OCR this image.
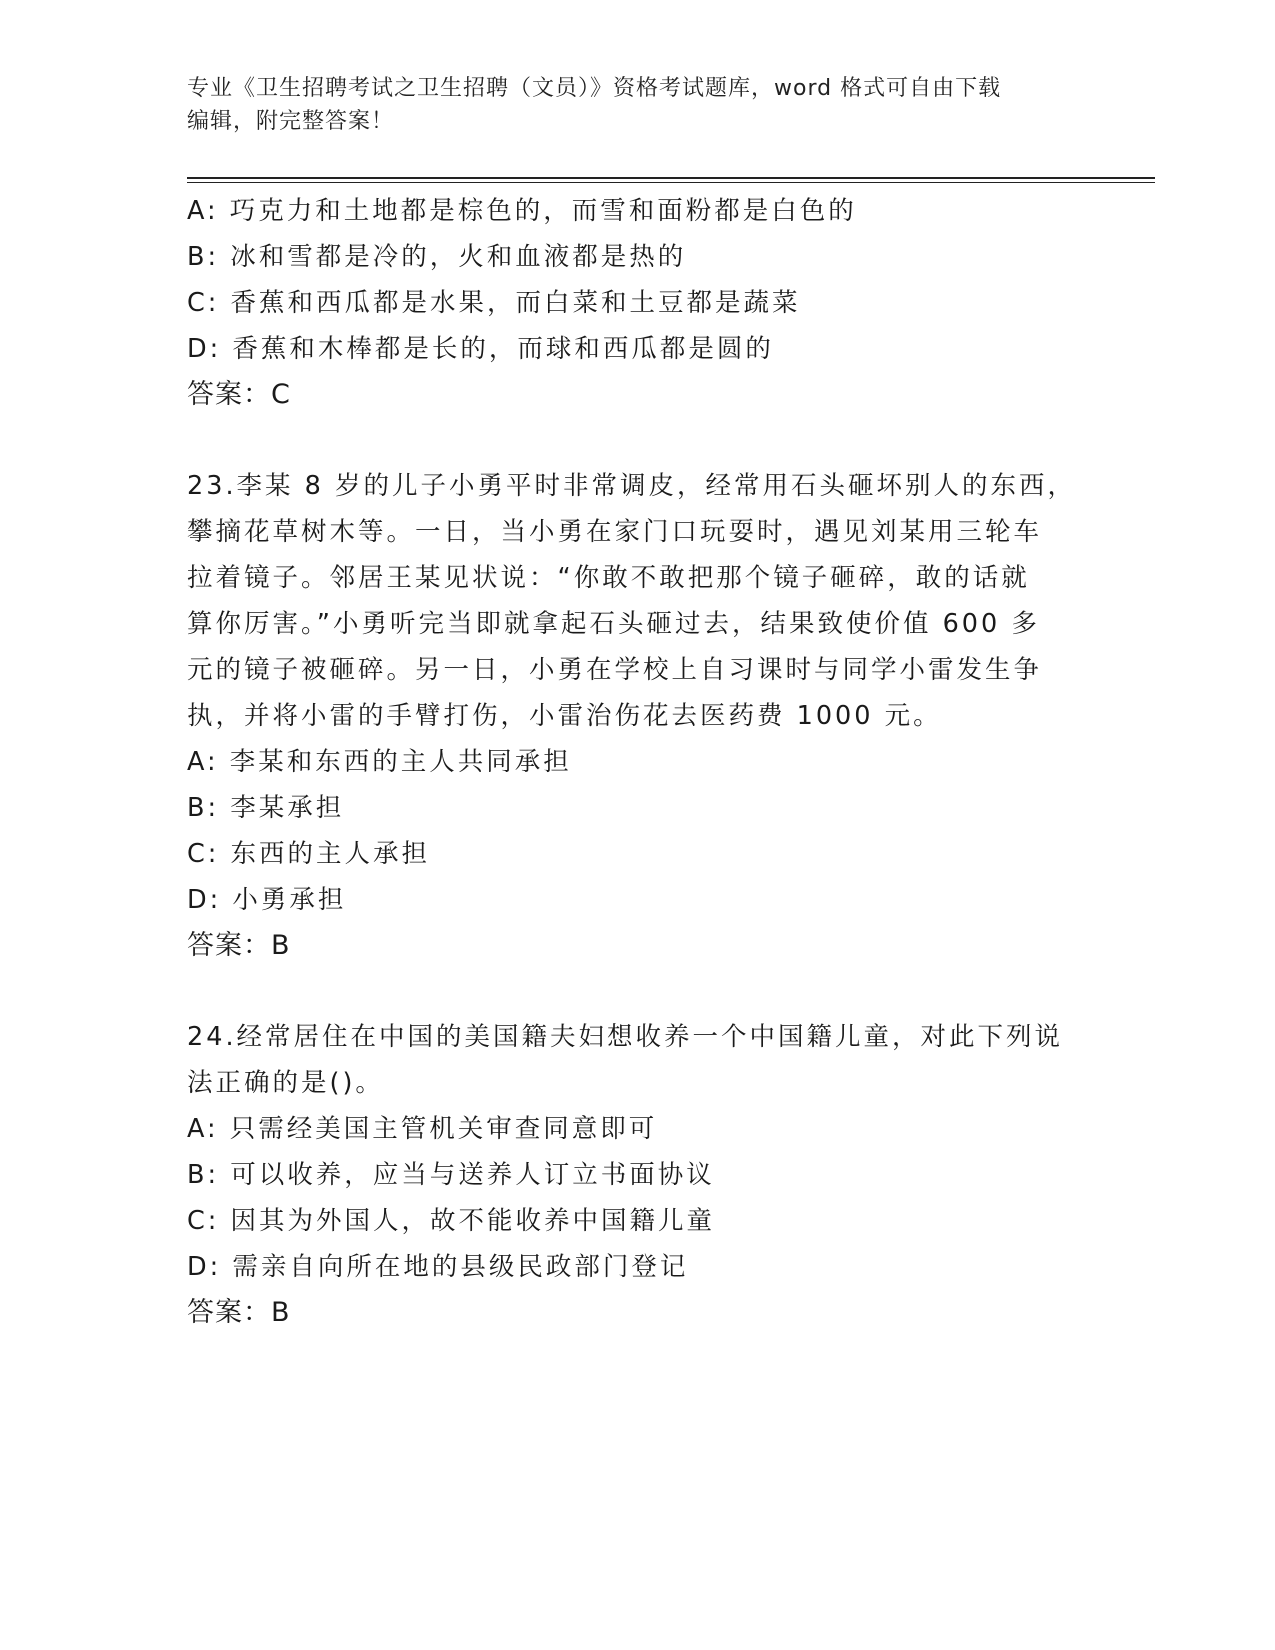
专业《卫生招聘考试之卫生招聘（文员）》资格考试题库，word 格式可自由下载
编辑，附完整答案！
A: 巧克力和土地都是棕色的，而雪和面粉都是白色的
B: 冰和雪都是冷的，火和血液都是热的
C: 香蕉和西瓜都是水果，而白菜和土豆都是蔬菜
D: 香蕉和木棒都是长的，而球和西瓜都是圆的
答案：C
23.李某 8 岁的儿子小勇平时非常调皮，经常用石头砸坏别人的东西，
攀摘花草树木等。一日，当小勇在家门口玩耍时，遇见刘某用三轮车
拉着镜子。邻居王某见状说：“你敢不敢把那个镜子砸碎，敢的话就
算你厉害。”小勇听完当即就拿起石头砸过去，结果致使价值 600 多
元的镜子被砸碎。另一日，小勇在学校上自习课时与同学小雷发生争
执，并将小雷的手臂打伤，小雷治伤花去医药费 1000 元。
A: 李某和东西的主人共同承担
B: 李某承担
C: 东西的主人承担
D: 小勇承担
答案：B
24.经常居住在中国的美国籍夫妇想收养一个中国籍儿童，对此下列说
法正确的是()。
A: 只需经美国主管机关审查同意即可
B: 可以收养，应当与送养人订立书面协议
C: 因其为外国人，故不能收养中国籍儿童
D: 需亲自向所在地的县级民政部门登记
答案：B
